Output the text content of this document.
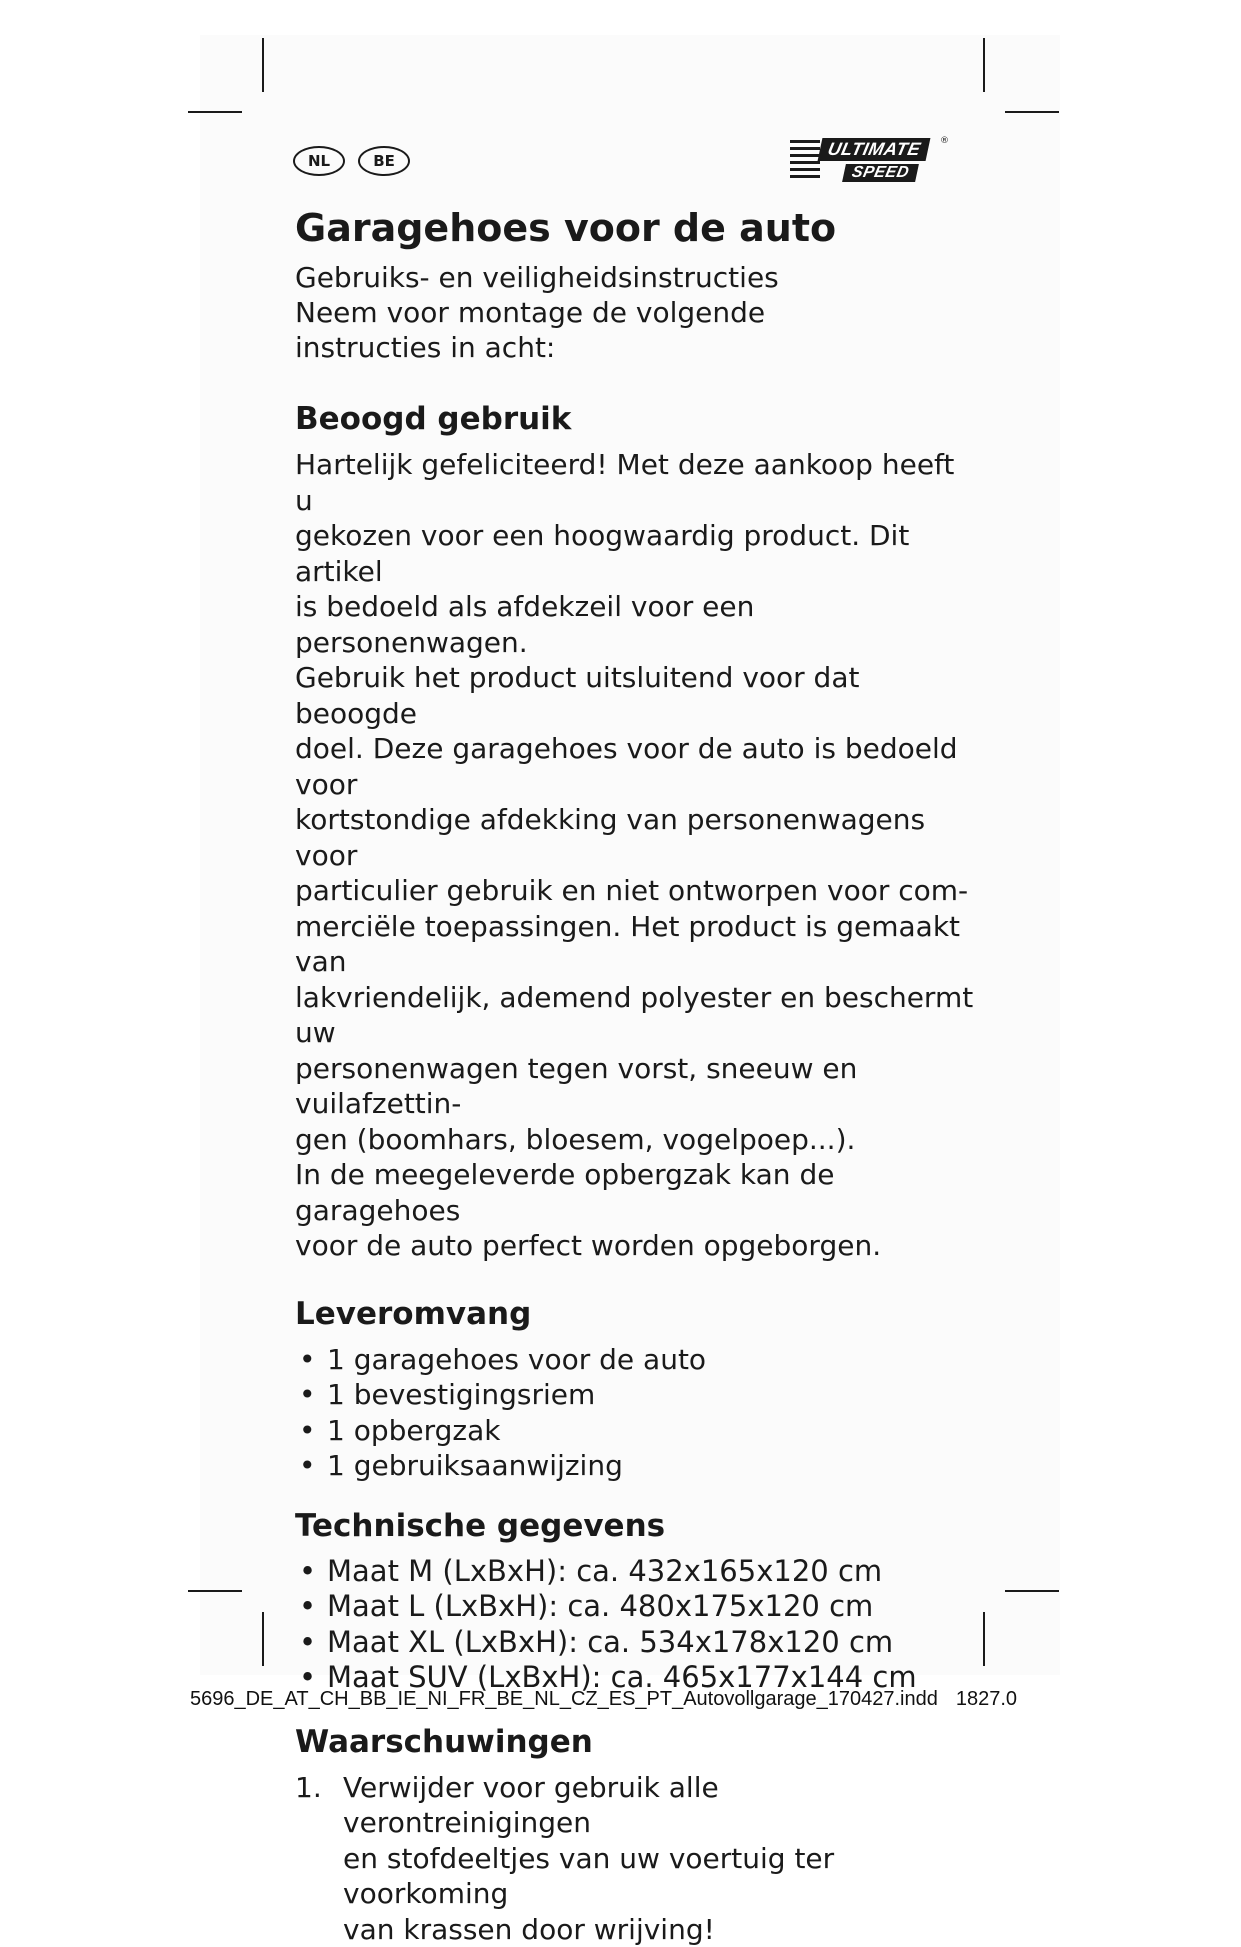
NL	BE
ULTIMATE
SPEED
®
Garagehoes voor de auto

Gebruiks- en veiligheidsinstructies
Neem voor montage de volgende
instructies in acht:

Beoogd gebruik

Hartelijk gefeliciteerd! Met deze aankoop heeft u
gekozen voor een hoogwaardig product. Dit artikel
is bedoeld als afdekzeil voor een personenwagen.
Gebruik het product uitsluitend voor dat beoogde
doel. Deze garagehoes voor de auto is bedoeld voor
kortstondige afdekking van personenwagens voor
particulier gebruik en niet ontworpen voor com-
merciële toepassingen. Het product is gemaakt van
lakvriendelijk, ademend polyester en beschermt uw
personenwagen tegen vorst, sneeuw en vuilafzettin-
gen (boomhars, bloesem, vogelpoep...).
In de meegeleverde opbergzak kan de garagehoes
voor de auto perfect worden opgeborgen.

Leveromvang
• 1 garagehoes voor de auto
• 1 bevestigingsriem
• 1 opbergzak
• 1 gebruiksaanwijzing
Technische gegevens
• Maat M (LxBxH): ca. 432x165x120 cm
• Maat L (LxBxH): ca. 480x175x120 cm
• Maat XL (LxBxH): ca. 534x178x120 cm
• Maat SUV (LxBxH): ca. 465x177x144 cm
Waarschuwingen
1. Verwijder voor gebruik alle verontreinigingen
en stofdeeltjes van uw voertuig ter voorkoming
van krassen door wrijving!
5696_DE_AT_CH_BB_IE_NI_FR_BE_NL_CZ_ES_PT_Autovollgarage_170427.indd 1827.0
